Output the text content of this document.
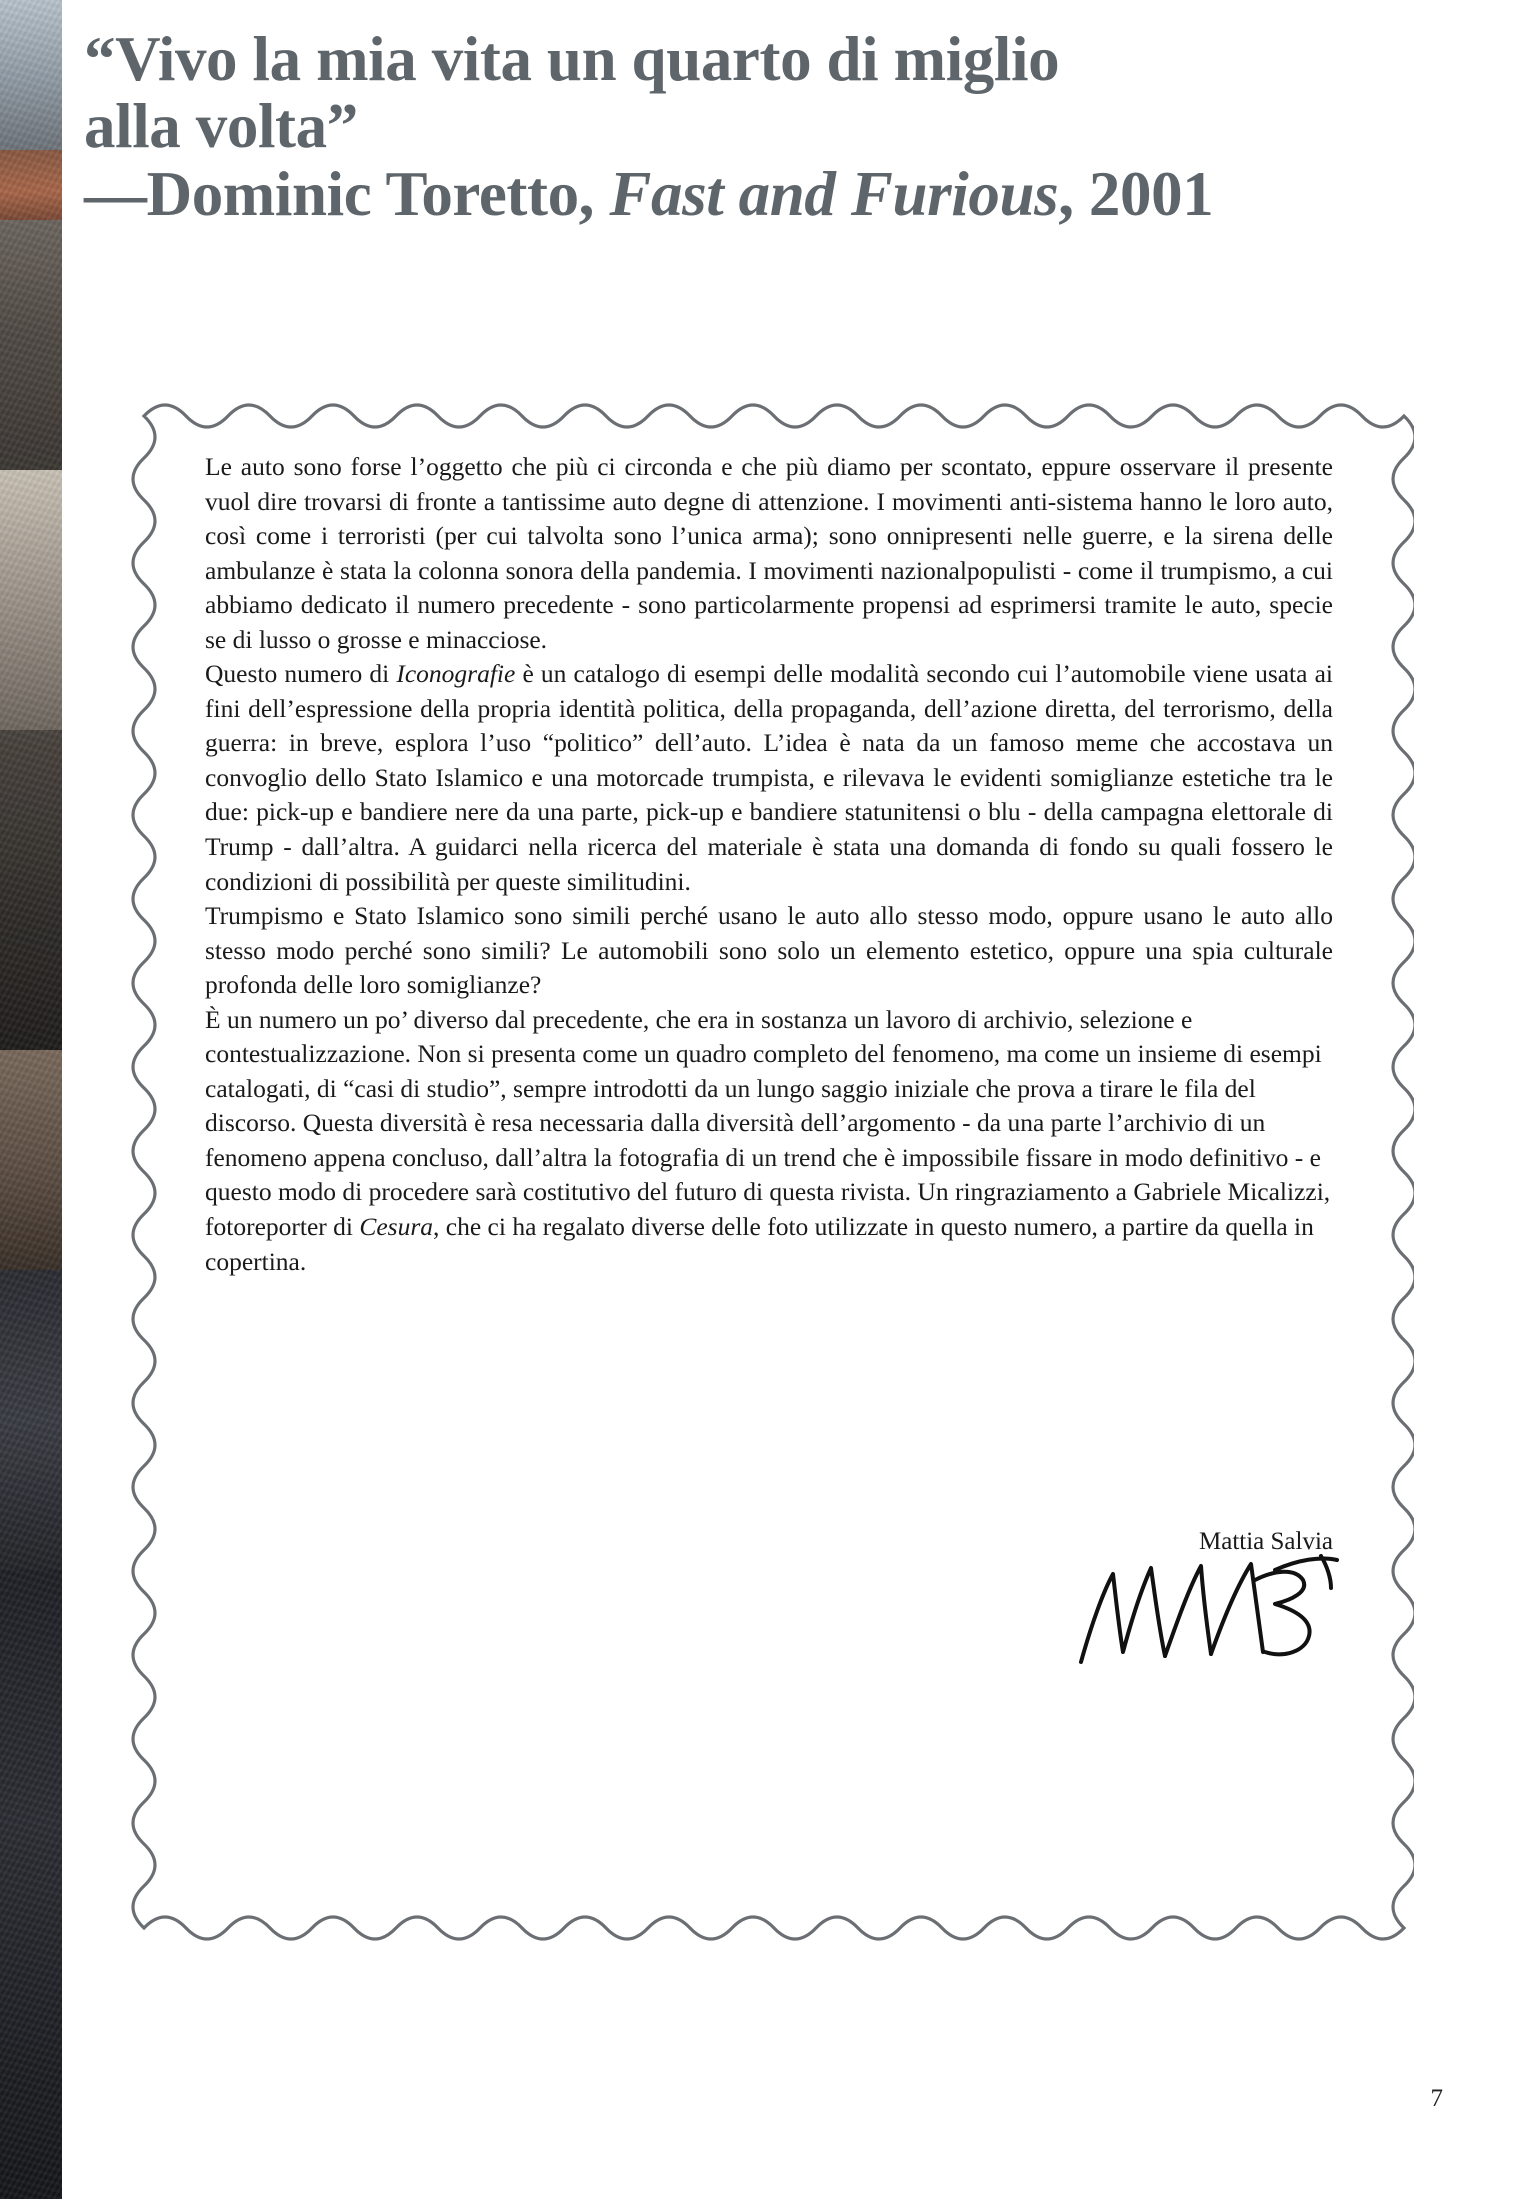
“Vivo la mia vita un quarto di miglio
alla volta”
—Dominic Toretto, Fast and Furious, 2001

Le auto sono forse l’oggetto che più ci circonda e che più diamo per scontato, eppure osservare il presente vuol dire trovarsi di fronte a tantissime auto degne di attenzione. I movimenti anti-sistema hanno le loro auto, così come i terroristi (per cui talvolta sono l’unica arma); sono onnipresenti nelle guerre, e la sirena delle ambulanze è stata la colonna sonora della pandemia. I movimenti nazionalpopulisti - come il trumpismo, a cui abbiamo dedicato il numero precedente - sono particolarmente propensi ad esprimersi tramite le auto, specie se di lusso o grosse e minacciose.

Questo numero di Iconografie è un catalogo di esempi delle modalità secondo cui l’automobile viene usata ai fini dell’espressione della propria identità politica, della propaganda, dell’azione diretta, del terrorismo, della guerra: in breve, esplora l’uso “politico” dell’auto. L’idea è nata da un famoso meme che accostava un convoglio dello Stato Islamico e una motorcade trumpista, e rilevava le evidenti somiglianze estetiche tra le due: pick-up e bandiere nere da una parte, pick-up e bandiere statunitensi o blu - della campagna elettorale di Trump - dall’altra. A guidarci nella ricerca del materiale è stata una domanda di fondo su quali fossero le condizioni di possibilità per queste similitudini.

Trumpismo e Stato Islamico sono simili perché usano le auto allo stesso modo, oppure usano le auto allo stesso modo perché sono simili? Le automobili sono solo un elemento estetico, oppure una spia culturale profonda delle loro somiglianze?

È un numero un po’ diverso dal precedente, che era in sostanza un lavoro di archivio, selezione e contestualizzazione. Non si presenta come un quadro completo del fenomeno, ma come un insieme di esempi catalogati, di “casi di studio”, sempre introdotti da un lungo saggio iniziale che prova a tirare le fila del discorso. Questa diversità è resa necessaria dalla diversità dell’argomento - da una parte l’archivio di un fenomeno appena concluso, dall’altra la fotografia di un trend che è impossibile fissare in modo definitivo - e questo modo di procedere sarà costitutivo del futuro di questa rivista. Un ringraziamento a Gabriele Micalizzi, fotoreporter di Cesura, che ci ha regalato diverse delle foto utilizzate in questo numero, a partire da quella in copertina.

Mattia Salvia
7
